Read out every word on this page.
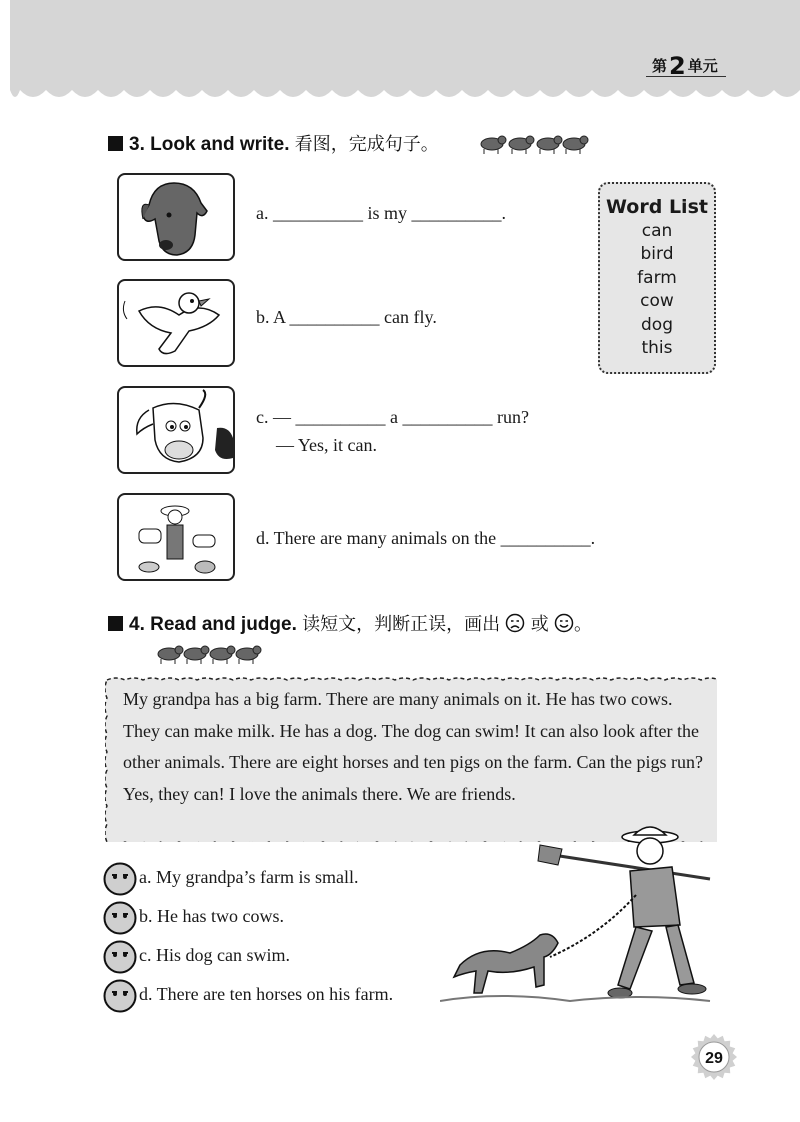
第2 单元
3. Look and write. 看图，完成句子。
a. __________ is my __________.
b. A __________ can fly.
c. — __________ a __________ run?
— Yes, it can.
d. There are many animals on the __________.
Word List
can
bird
farm
cow
dog
this
4. Read and judge. 读短文，判断正误，画出 或 。
My grandpa has a big farm. There are many animals on it. He has two cows. They can make milk. He has a dog. The dog can swim! It can also look after the other animals. There are eight horses and ten pigs on the farm. Can the pigs run? Yes, they can! I love the animals there. We are friends.
a. My grandpa’s farm is small.
b. He has two cows.
c. His dog can swim.
d. There are ten horses on his farm.
29
